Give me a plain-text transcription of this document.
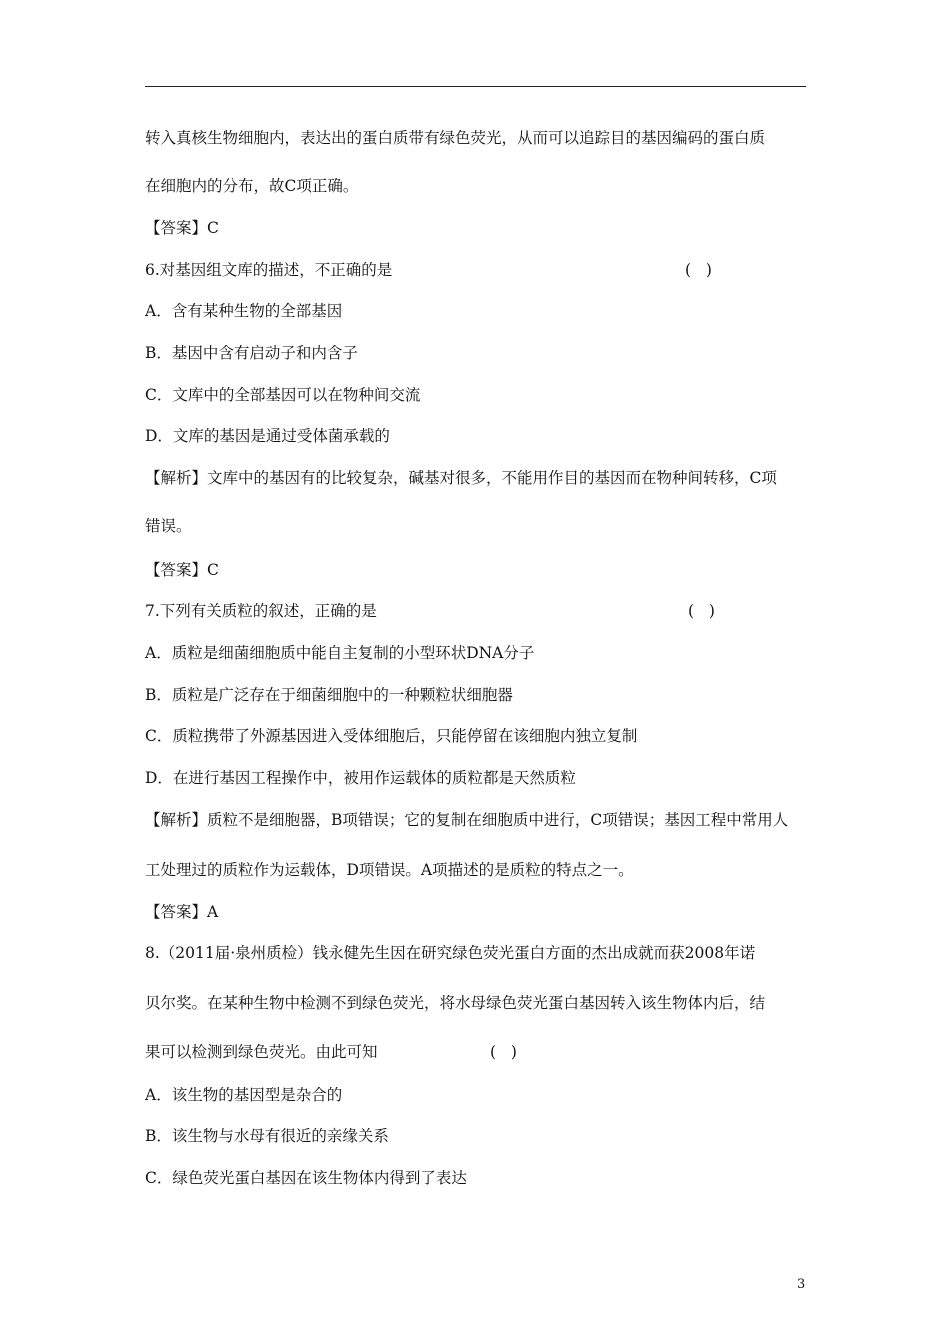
转入真核生物细胞内，表达出的蛋白质带有绿色荧光，从而可以追踪目的基因编码的蛋白质
在细胞内的分布，故C项正确。
【答案】C
6.对基因组文库的描述，不正确的是	(   )
A．含有某种生物的全部基因
B．基因中含有启动子和内含子
C．文库中的全部基因可以在物种间交流
D．文库的基因是通过受体菌承载的
【解析】文库中的基因有的比较复杂，碱基对很多，不能用作目的基因而在物种间转移，C项
错误。
【答案】C
7.下列有关质粒的叙述，正确的是	(   )
A．质粒是细菌细胞质中能自主复制的小型环状DNA分子
B．质粒是广泛存在于细菌细胞中的一种颗粒状细胞器
C．质粒携带了外源基因进入受体细胞后，只能停留在该细胞内独立复制
D．在进行基因工程操作中，被用作运载体的质粒都是天然质粒
【解析】质粒不是细胞器，B项错误；它的复制在细胞质中进行，C项错误；基因工程中常用人
工处理过的质粒作为运载体，D项错误。A项描述的是质粒的特点之一。
【答案】A
8.（2011届·泉州质检）钱永健先生因在研究绿色荧光蛋白方面的杰出成就而获2008年诺
贝尔奖。在某种生物中检测不到绿色荧光，将水母绿色荧光蛋白基因转入该生物体内后，结
果可以检测到绿色荧光。由此可知	(   )
A．该生物的基因型是杂合的
B．该生物与水母有很近的亲缘关系
C．绿色荧光蛋白基因在该生物体内得到了表达
3
